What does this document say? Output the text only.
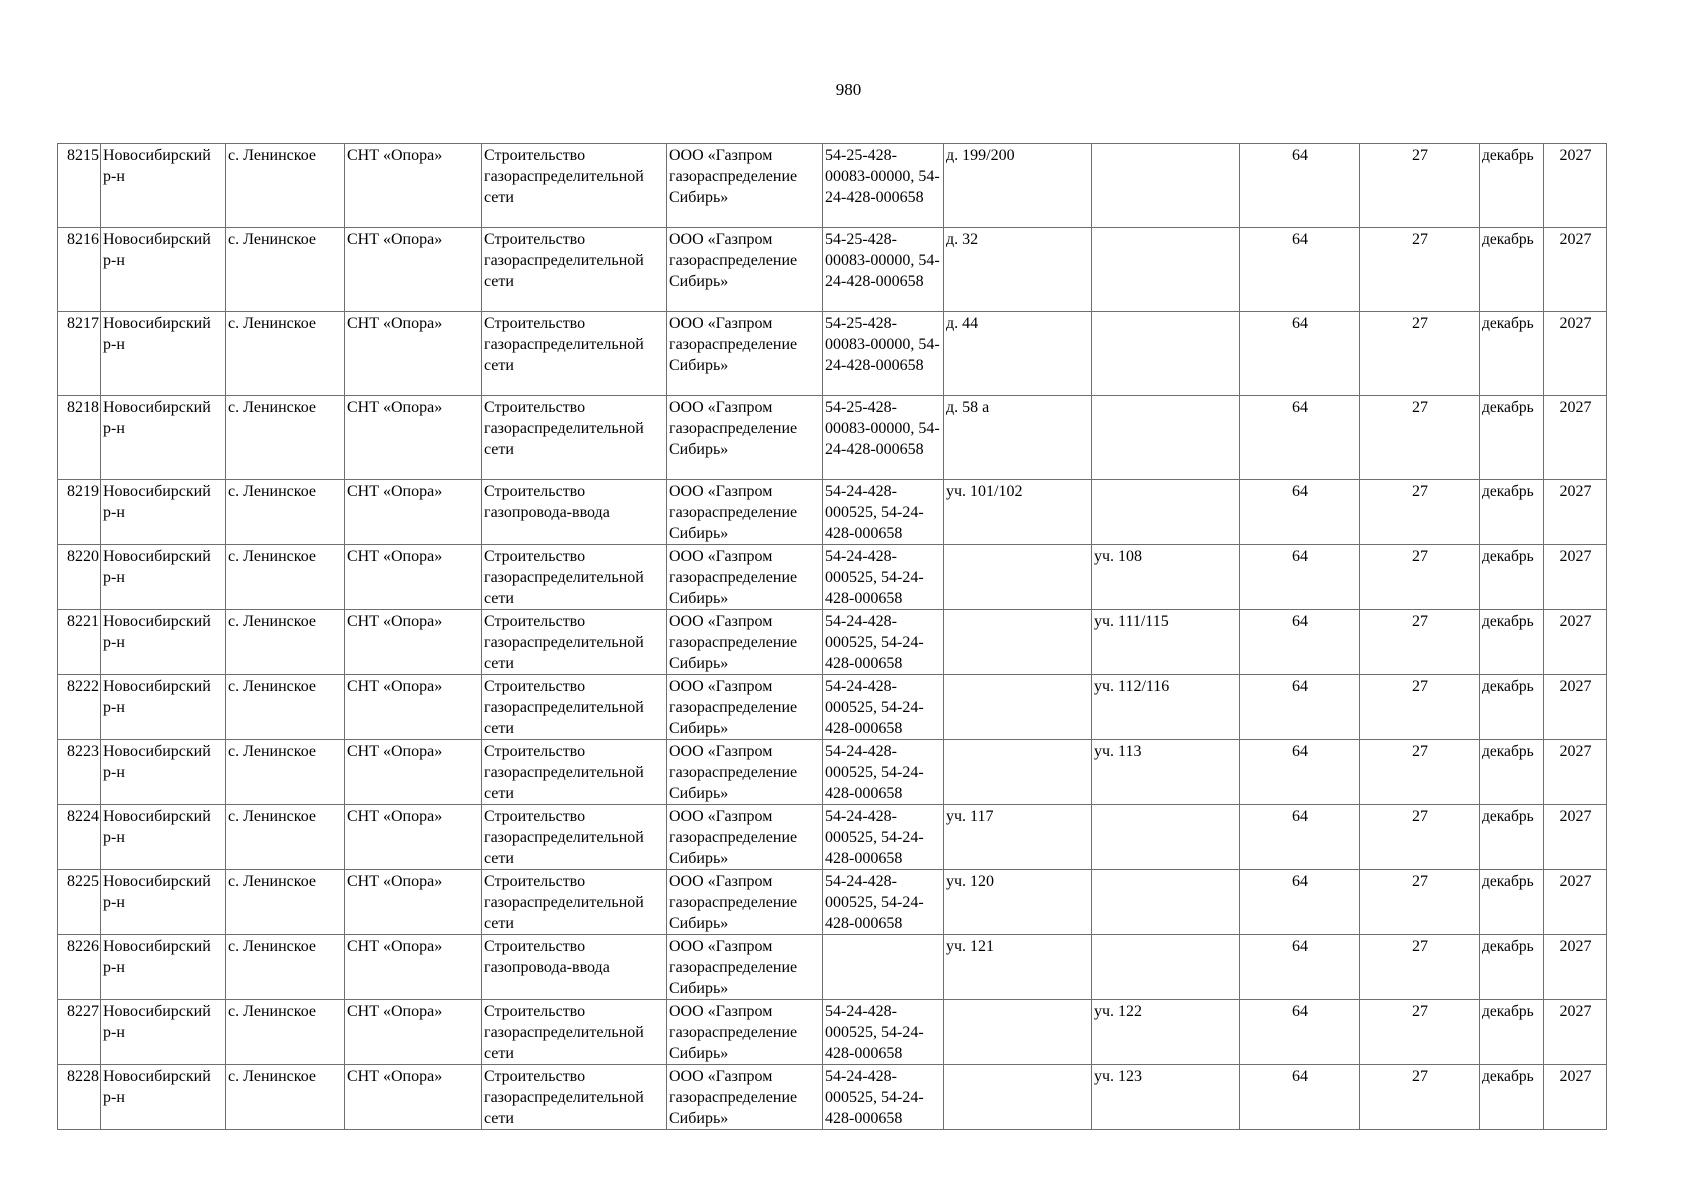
980
8215	Новосибирский р-н	с. Ленинское	СНТ «Опора»	Строительство газораспределительной сети	ООО «Газпром газораспределение Сибирь»	54-25-428-00083-00000, 54-24-428-000658	д. 199/200		64	27	декабрь	2027
8216	Новосибирский р-н	с. Ленинское	СНТ «Опора»	Строительство газораспределительной сети	ООО «Газпром газораспределение Сибирь»	54-25-428-00083-00000, 54-24-428-000658	д. 32		64	27	декабрь	2027
8217	Новосибирский р-н	с. Ленинское	СНТ «Опора»	Строительство газораспределительной сети	ООО «Газпром газораспределение Сибирь»	54-25-428-00083-00000, 54-24-428-000658	д. 44		64	27	декабрь	2027
8218	Новосибирский р-н	с. Ленинское	СНТ «Опора»	Строительство газораспределительной сети	ООО «Газпром газораспределение Сибирь»	54-25-428-00083-00000, 54-24-428-000658	д. 58 а		64	27	декабрь	2027
8219	Новосибирский р-н	с. Ленинское	СНТ «Опора»	Строительство газопровода-ввода	ООО «Газпром газораспределение Сибирь»	54-24-428-000525, 54-24-428-000658	уч. 101/102		64	27	декабрь	2027
8220	Новосибирский р-н	с. Ленинское	СНТ «Опора»	Строительство газораспределительной сети	ООО «Газпром газораспределение Сибирь»	54-24-428-000525, 54-24-428-000658		уч. 108	64	27	декабрь	2027
8221	Новосибирский р-н	с. Ленинское	СНТ «Опора»	Строительство газораспределительной сети	ООО «Газпром газораспределение Сибирь»	54-24-428-000525, 54-24-428-000658		уч. 111/115	64	27	декабрь	2027
8222	Новосибирский р-н	с. Ленинское	СНТ «Опора»	Строительство газораспределительной сети	ООО «Газпром газораспределение Сибирь»	54-24-428-000525, 54-24-428-000658		уч. 112/116	64	27	декабрь	2027
8223	Новосибирский р-н	с. Ленинское	СНТ «Опора»	Строительство газораспределительной сети	ООО «Газпром газораспределение Сибирь»	54-24-428-000525, 54-24-428-000658		уч. 113	64	27	декабрь	2027
8224	Новосибирский р-н	с. Ленинское	СНТ «Опора»	Строительство газораспределительной сети	ООО «Газпром газораспределение Сибирь»	54-24-428-000525, 54-24-428-000658	уч. 117		64	27	декабрь	2027
8225	Новосибирский р-н	с. Ленинское	СНТ «Опора»	Строительство газораспределительной сети	ООО «Газпром газораспределение Сибирь»	54-24-428-000525, 54-24-428-000658	уч. 120		64	27	декабрь	2027
8226	Новосибирский р-н	с. Ленинское	СНТ «Опора»	Строительство газопровода-ввода	ООО «Газпром газораспределение Сибирь»		уч. 121		64	27	декабрь	2027
8227	Новосибирский р-н	с. Ленинское	СНТ «Опора»	Строительство газораспределительной сети	ООО «Газпром газораспределение Сибирь»	54-24-428-000525, 54-24-428-000658		уч. 122	64	27	декабрь	2027
8228	Новосибирский р-н	с. Ленинское	СНТ «Опора»	Строительство газораспределительной сети	ООО «Газпром газораспределение Сибирь»	54-24-428-000525, 54-24-428-000658		уч. 123	64	27	декабрь	2027
